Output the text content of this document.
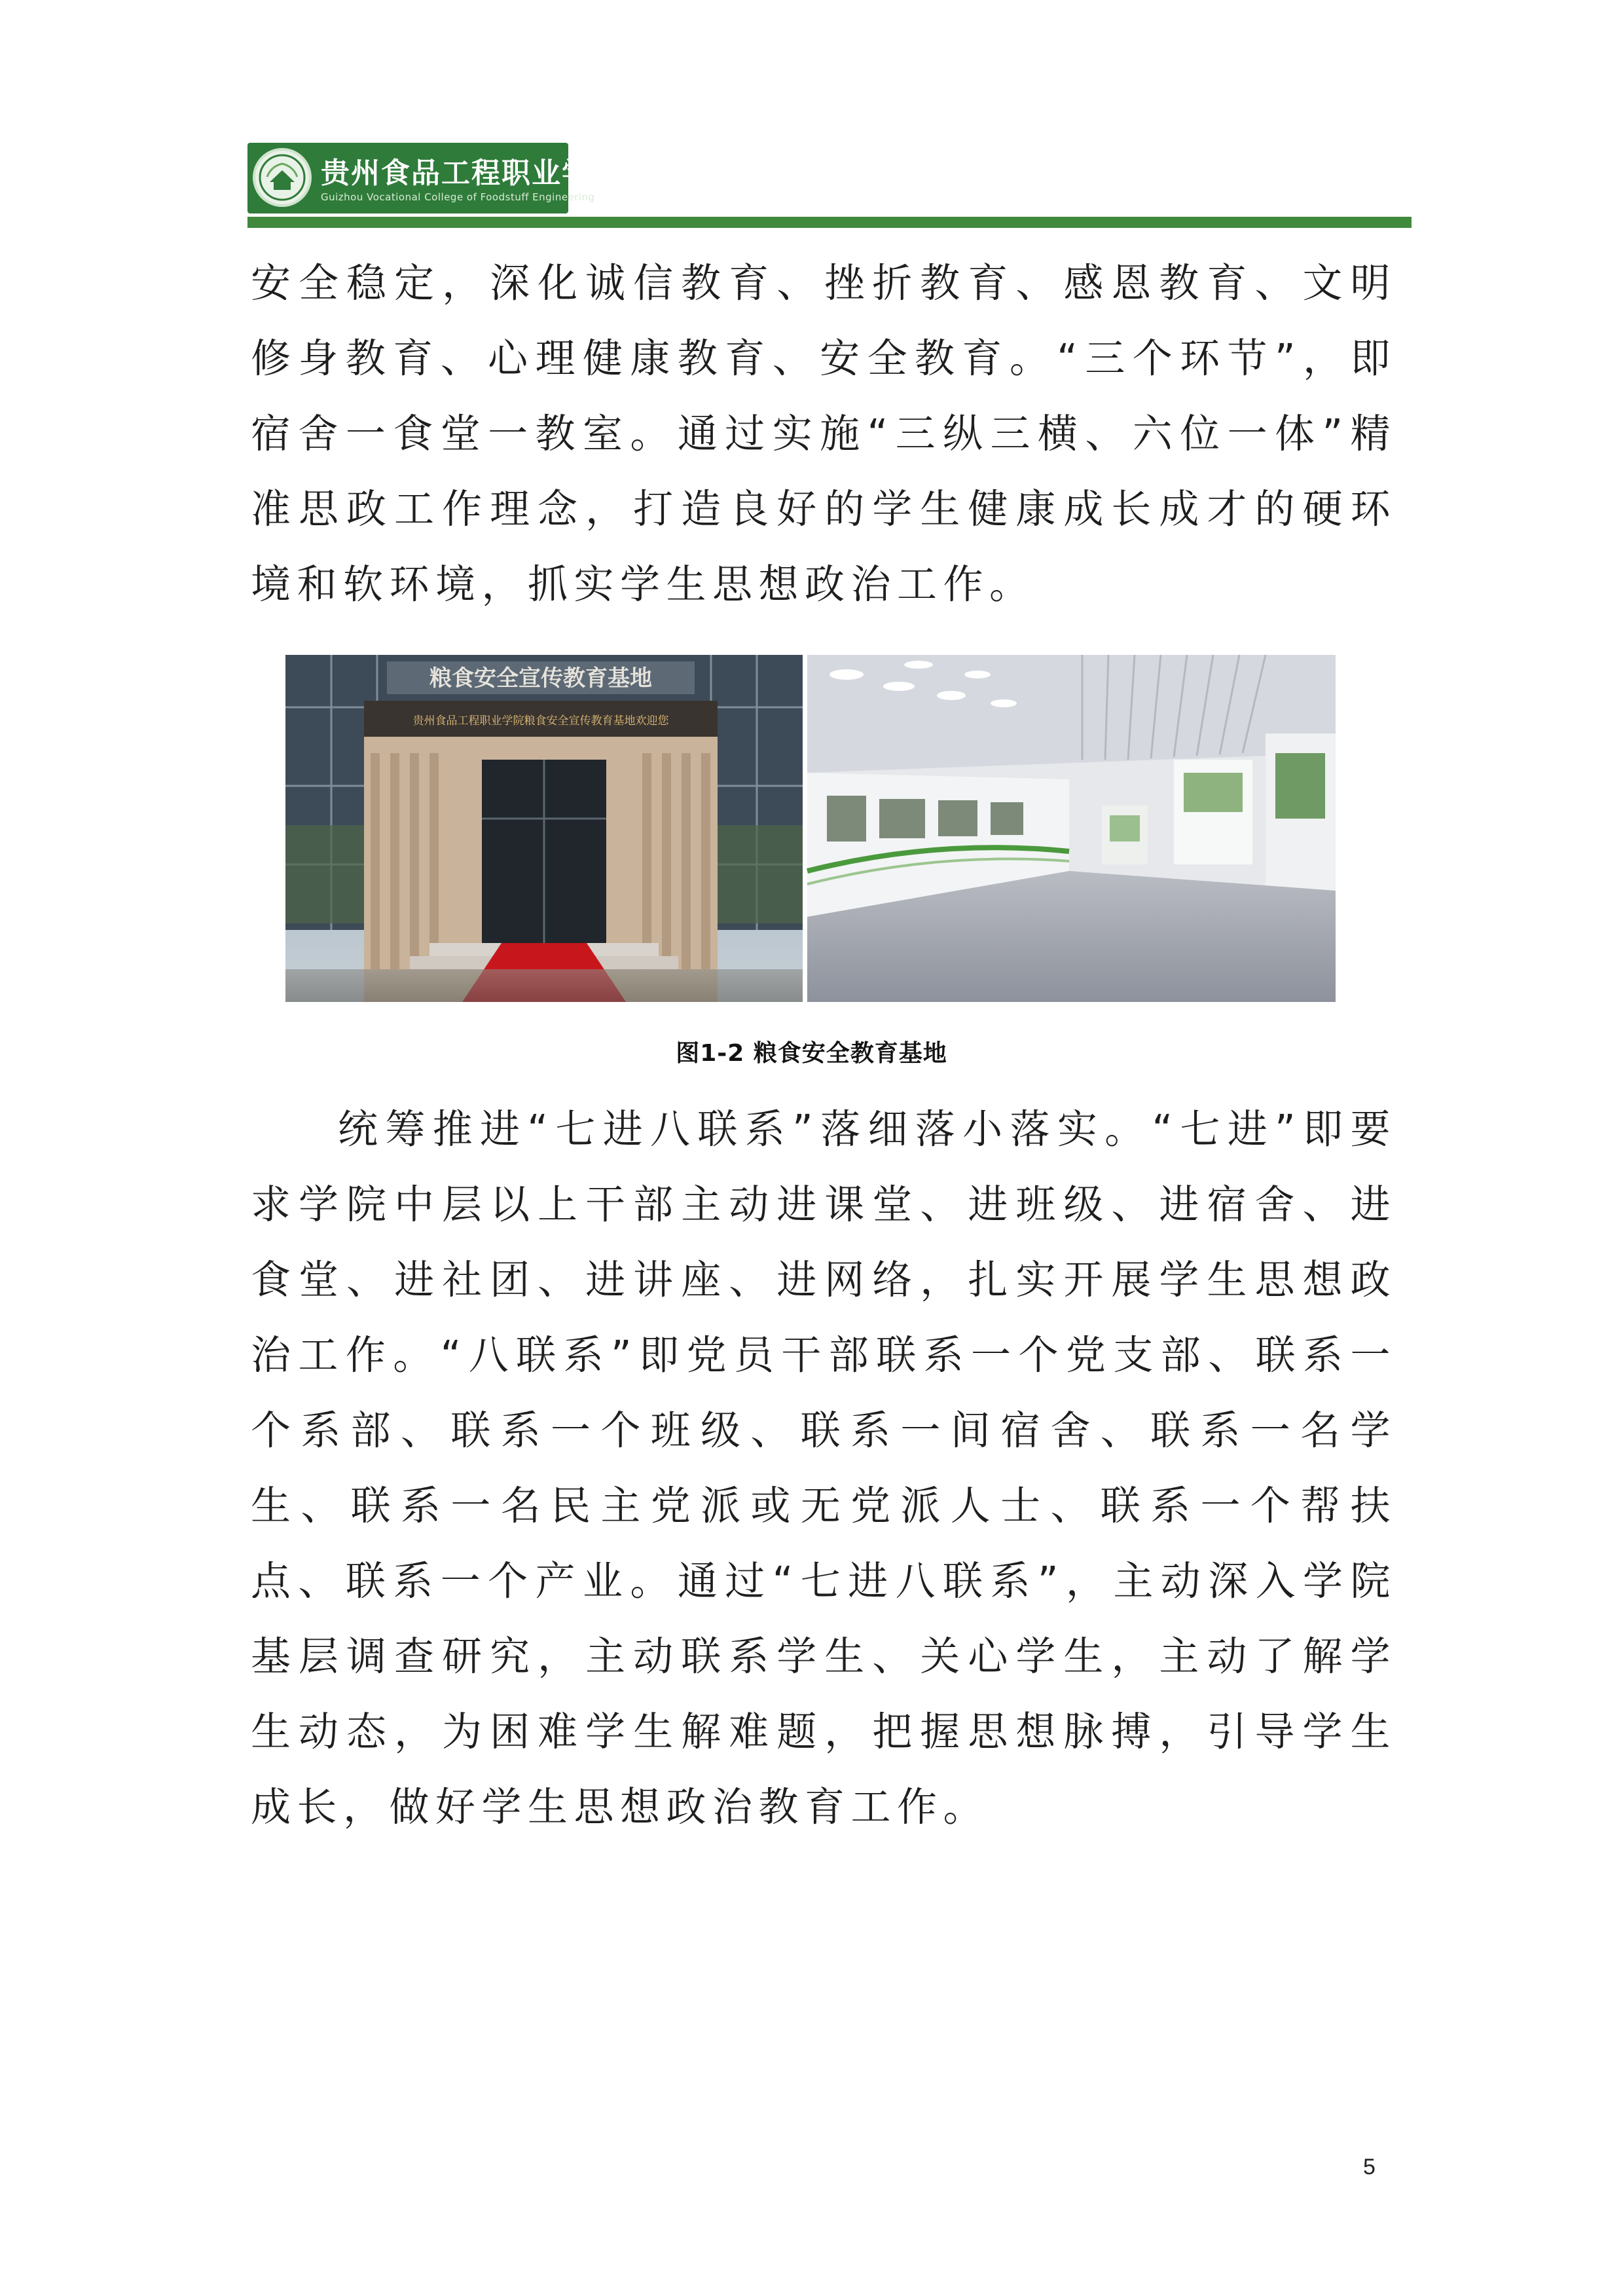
贵州食品工程职业学院
Guizhou Vocational College of Foodstuff Engineering
安全稳定，深化诚信教育、挫折教育、感恩教育、文明修身教育、心理健康教育、安全教育。“三个环节”，即宿舍一食堂一教室。通过实施“三纵三横、六位一体”精准思政工作理念，打造良好的学生健康成长成才的硬环境和软环境，抓实学生思想政治工作。
粮食安全宣传教育基地
贵州食品工程职业学院粮食安全宣传教育基地欢迎您
图1-2 粮食安全教育基地
统筹推进“七进八联系”落细落小落实。“七进”即要求学院中层以上干部主动进课堂、进班级、进宿舍、进食堂、进社团、进讲座、进网络，扎实开展学生思想政治工作。“八联系”即党员干部联系一个党支部、联系一个系部、联系一个班级、联系一间宿舍、联系一名学生、联系一名民主党派或无党派人士、联系一个帮扶点、联系一个产业。通过“七进八联系”，主动深入学院基层调查研究，主动联系学生、关心学生，主动了解学生动态，为困难学生解难题，把握思想脉搏，引导学生成长，做好学生思想政治教育工作。
5
